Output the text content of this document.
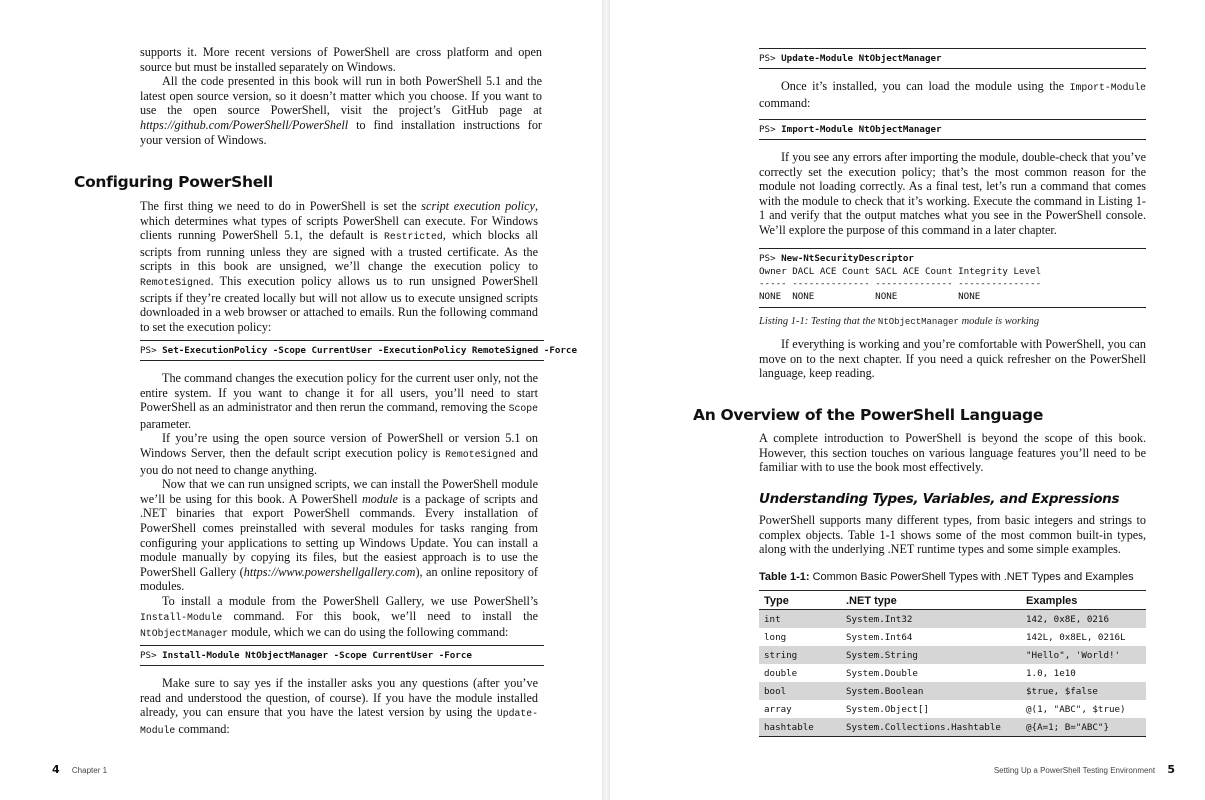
supports it. More recent versions of PowerShell are cross platform and open source but must be installed separately on Windows.

All the code presented in this book will run in both PowerShell 5.1 and the latest open source version, so it doesn’t matter which you choose. If you want to use the open source PowerShell, visit the project’s GitHub page at https://github.com/PowerShell/PowerShell to find installation instructions for your version of Windows.

Configuring PowerShell

The first thing we need to do in PowerShell is set the script execution policy, which determines what types of scripts PowerShell can execute. For Windows clients running PowerShell 5.1, the default is Restricted, which blocks all scripts from running unless they are signed with a trusted certificate. As the scripts in this book are unsigned, we’ll change the execution policy to RemoteSigned. This execution policy allows us to run unsigned PowerShell scripts if they’re created locally but will not allow us to execute unsigned scripts downloaded in a web browser or attached to emails. Run the following command to set the execution policy:

PS> Set-ExecutionPolicy -Scope CurrentUser -ExecutionPolicy RemoteSigned -Force

The command changes the execution policy for the current user only, not the entire system. If you want to change it for all users, you’ll need to start PowerShell as an administrator and then rerun the command, removing the Scope parameter.

If you’re using the open source version of PowerShell or version 5.1 on Windows Server, then the default script execution policy is RemoteSigned and you do not need to change anything.

Now that we can run unsigned scripts, we can install the PowerShell module we’ll be using for this book. A PowerShell module is a package of scripts and .NET binaries that export PowerShell commands. Every installation of PowerShell comes preinstalled with several modules for tasks ranging from configuring your applications to setting up Windows Update. You can install a module manually by copying its files, but the easiest approach is to use the PowerShell Gallery (https://www.powershellgallery.com), an online repository of modules.

To install a module from the PowerShell Gallery, we use PowerShell’s Install-Module command. For this book, we’ll need to install the NtObjectManager module, which we can do using the following command:

PS> Install-Module NtObjectManager -Scope CurrentUser -Force

Make sure to say yes if the installer asks you any questions (after you’ve read and understood the question, of course). If you have the module installed already, you can ensure that you have the latest version by using the Update-Module command:

4 Chapter 1
PS> Update-Module NtObjectManager

Once it’s installed, you can load the module using the Import-Module command:

PS> Import-Module NtObjectManager

If you see any errors after importing the module, double-check that you’ve correctly set the execution policy; that’s the most common reason for the module not loading correctly. As a final test, let’s run a command that comes with the module to check that it’s working. Execute the command in Listing 1-1 and verify that the output matches what you see in the PowerShell console. We’ll explore the purpose of this command in a later chapter.

PS> New-NtSecurityDescriptor
Owner DACL ACE Count SACL ACE Count Integrity Level
----- -------------- -------------- ---------------
NONE  NONE           NONE           NONE
Listing 1-1: Testing that the NtObjectManager module is working

If everything is working and you’re comfortable with PowerShell, you can move on to the next chapter. If you need a quick refresher on the PowerShell language, keep reading.

An Overview of the PowerShell Language

A complete introduction to PowerShell is beyond the scope of this book. However, this section touches on various language features you’ll need to be familiar with to use the book most effectively.

Understanding Types, Variables, and Expressions

PowerShell supports many different types, from basic integers and strings to complex objects. Table 1-1 shows some of the most common built-in types, along with the underlying .NET runtime types and some simple examples.

Table 1-1: Common Basic PowerShell Types with .NET Types and Examples
Type	.NET type	Examples
int	System.Int32	142, 0x8E, 0216
long	System.Int64	142L, 0x8EL, 0216L
string	System.String	"Hello", 'World!'
double	System.Double	1.0, 1e10
bool	System.Boolean	$true, $false
array	System.Object[]	@(1, "ABC", $true)
hashtable	System.Collections.Hashtable	@{A=1; B="ABC"}
Setting Up a PowerShell Testing Environment 5
